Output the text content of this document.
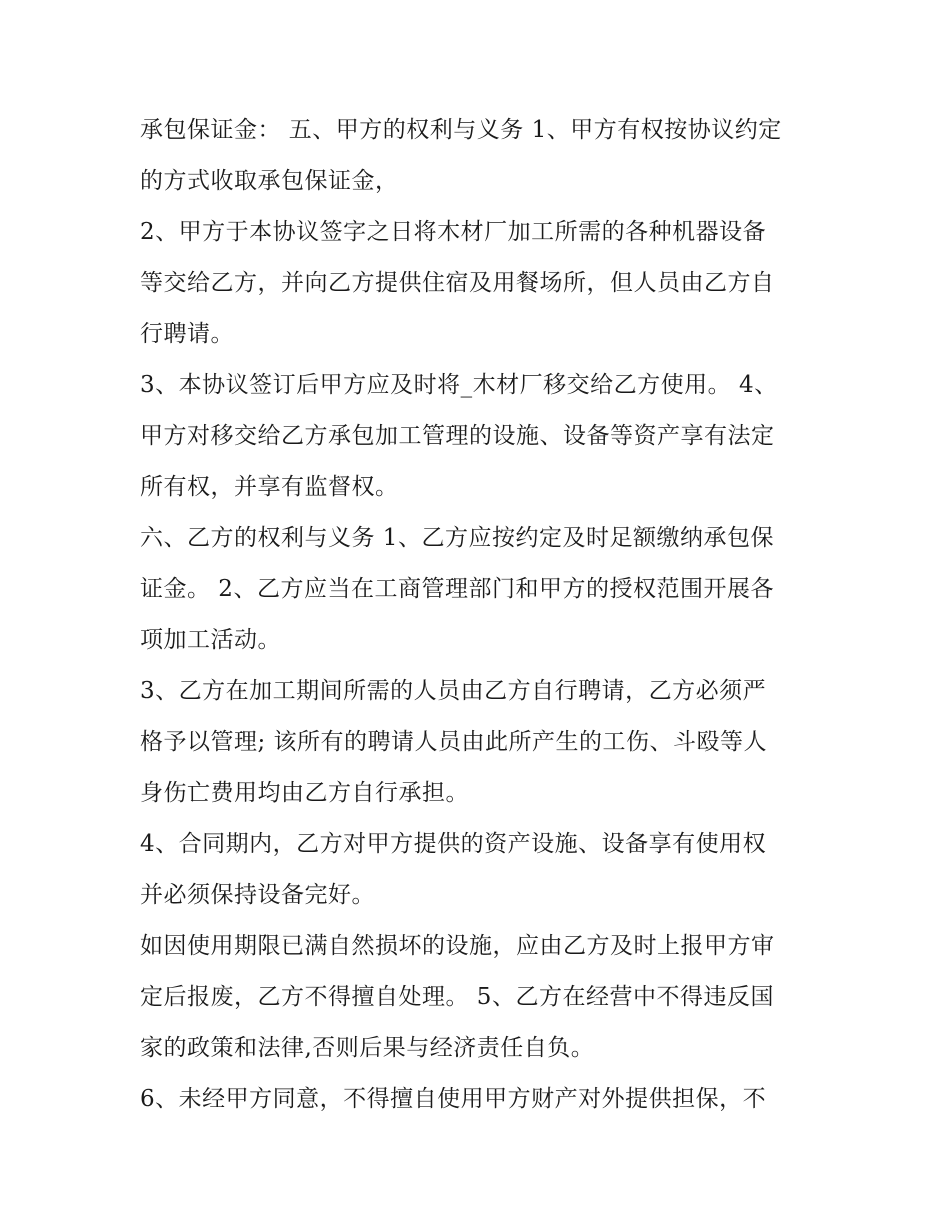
承包保证金： 五、甲方的权利与义务 1、甲方有权按协议约定
的方式收取承包保证金，
2、甲方于本协议签字之日将木材厂加工所需的各种机器设备
等交给乙方，并向乙方提供住宿及用餐场所，但人员由乙方自
行聘请。
3、本协议签订后甲方应及时将_木材厂移交给乙方使用。 4、
甲方对移交给乙方承包加工管理的设施、设备等资产享有法定
所有权，并享有监督权。
六、乙方的权利与义务 1、乙方应按约定及时足额缴纳承包保
证金。 2、乙方应当在工商管理部门和甲方的授权范围开展各
项加工活动。
3、乙方在加工期间所需的人员由乙方自行聘请，乙方必须严
格予以管理; 该所有的聘请人员由此所产生的工伤、斗殴等人
身伤亡费用均由乙方自行承担。
4、合同期内，乙方对甲方提供的资产设施、设备享有使用权
并必须保持设备完好。
如因使用期限已满自然损坏的设施，应由乙方及时上报甲方审
定后报废，乙方不得擅自处理。 5、乙方在经营中不得违反国
家的政策和法律,否则后果与经济责任自负。
6、未经甲方同意，不得擅自使用甲方财产对外提供担保，不
